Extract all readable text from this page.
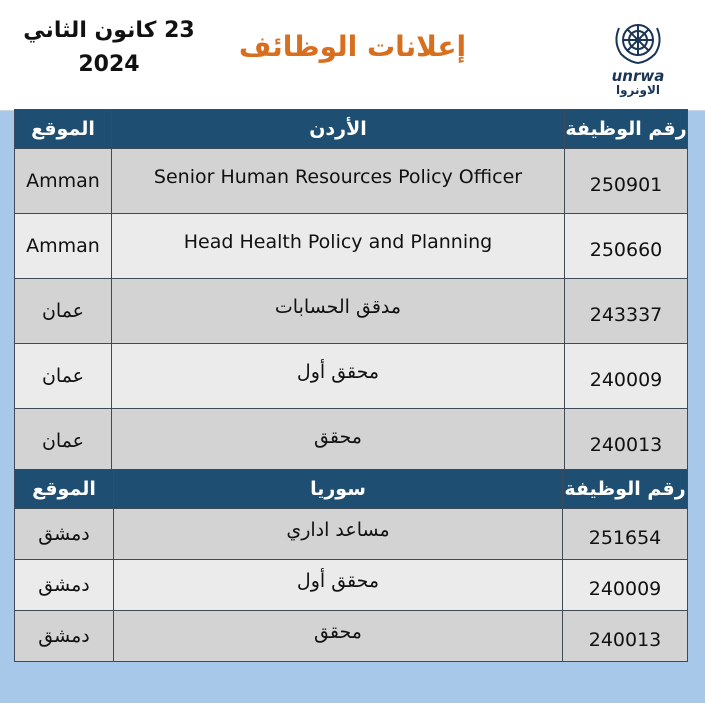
23 كانون الثاني
2024
إعلانات الوظائف
unrwa
الاونروا
الموقع	الأردن	رقم الوظيفة
Amman	Senior Human Resources Policy Officer	250901
Amman	Head Health Policy and Planning	250660
عمان	مدقق الحسابات	243337
عمان	محقق أول	240009
عمان	محقق	240013
الموقع	سوريا	رقم الوظيفة
دمشق	مساعد اداري	251654
دمشق	محقق أول	240009
دمشق	محقق	240013
